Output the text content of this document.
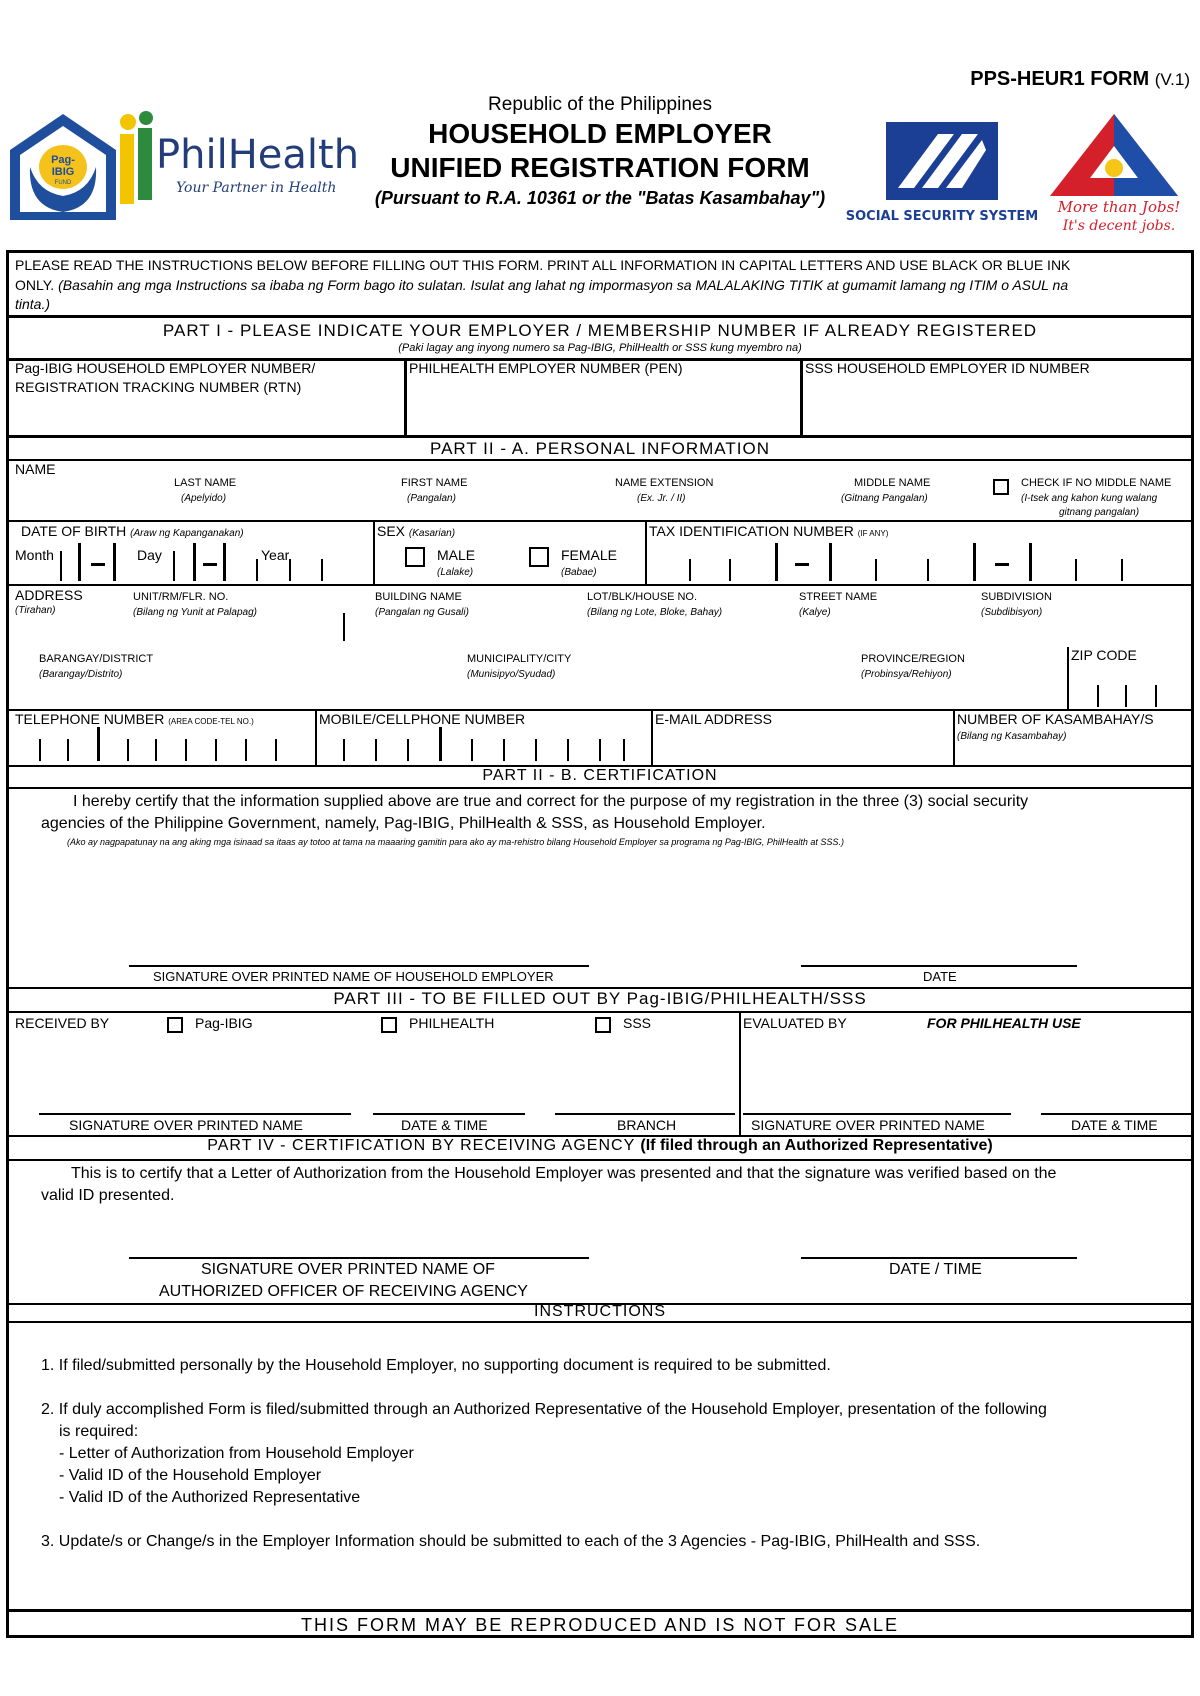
PPS-HEUR1 FORM (V.1)
Pag-
IBIG
FUND
PhilHealth
Your Partner in Health
Republic of the Philippines
HOUSEHOLD EMPLOYER
UNIFIED REGISTRATION FORM
(Pursuant to R.A. 10361 or the "Batas Kasambahay")
SOCIAL SECURITY SYSTEM
More than Jobs!
It's decent jobs.
PLEASE READ THE INSTRUCTIONS BELOW BEFORE FILLING OUT THIS FORM. PRINT ALL INFORMATION IN CAPITAL LETTERS AND USE BLACK OR BLUE INK
ONLY. (Basahin ang mga Instructions sa ibaba ng Form bago ito sulatan. Isulat ang lahat ng impormasyon sa MALALAKING TITIK at gumamit lamang ng ITIM o ASUL na
tinta.)
PART I - PLEASE INDICATE YOUR EMPLOYER / MEMBERSHIP NUMBER IF ALREADY REGISTERED
(Paki lagay ang inyong numero sa Pag-IBIG, PhilHealth or SSS kung myembro na)
Pag-IBIG HOUSEHOLD EMPLOYER NUMBER/
REGISTRATION TRACKING NUMBER (RTN)
PHILHEALTH EMPLOYER NUMBER (PEN)	SSS HOUSEHOLD EMPLOYER ID NUMBER
PART II - A. PERSONAL INFORMATION
NAME
LAST NAME
(Apelyido)
FIRST NAME
(Pangalan)
NAME EXTENSION
(Ex. Jr. / II)
MIDDLE NAME
(Gitnang Pangalan)
CHECK IF NO MIDDLE NAME
(I-tsek ang kahon kung walang
gitnang pangalan)
DATE OF BIRTH (Araw ng Kapanganakan)
Month	Day	Year
SEX (Kasarian)
MALE
(Lalake)
FEMALE
(Babae)
TAX IDENTIFICATION NUMBER (IF ANY)
ADDRESS
(Tirahan)
UNIT/RM/FLR. NO.
(Bilang ng Yunit at Palapag)
BUILDING NAME
(Pangalan ng Gusali)
LOT/BLK/HOUSE NO.
(Bilang ng Lote, Bloke, Bahay)
STREET NAME
(Kalye)
SUBDIVISION
(Subdibisyon)
BARANGAY/DISTRICT
(Barangay/Distrito)
MUNICIPALITY/CITY
(Munisipyo/Syudad)
PROVINCE/REGION
(Probinsya/Rehiyon)
ZIP CODE
TELEPHONE NUMBER (AREA CODE-TEL NO.)	MOBILE/CELLPHONE NUMBER	E-MAIL ADDRESS	NUMBER OF KASAMBAHAY/S
(Bilang ng Kasambahay)
PART II - B. CERTIFICATION
I hereby certify that the information supplied above are true and correct for the purpose of my registration in the three (3) social security
agencies of the Philippine Government, namely, Pag-IBIG, PhilHealth & SSS, as Household Employer.
(Ako ay nagpapatunay na ang aking mga isinaad sa itaas ay totoo at tama na maaaring gamitin para ako ay ma-rehistro bilang Household Employer sa programa ng Pag-IBIG, PhilHealth at SSS.)
SIGNATURE OVER PRINTED NAME OF HOUSEHOLD EMPLOYER	DATE
PART III - TO BE FILLED OUT BY Pag-IBIG/PHILHEALTH/SSS
RECEIVED BY	Pag-IBIG	PHILHEALTH	SSS	EVALUATED BY	FOR PHILHEALTH USE
SIGNATURE OVER PRINTED NAME	DATE & TIME	BRANCH	SIGNATURE OVER PRINTED NAME	DATE & TIME
PART IV - CERTIFICATION BY RECEIVING AGENCY (If filed through an Authorized Representative)
This is to certify that a Letter of Authorization from the Household Employer was presented and that the signature was verified based on the
valid ID presented.
SIGNATURE OVER PRINTED NAME OF
AUTHORIZED OFFICER OF RECEIVING AGENCY
DATE / TIME
INSTRUCTIONS
1. If filed/submitted personally by the Household Employer, no supporting document is required to be submitted.
2. If duly accomplished Form is filed/submitted through an Authorized Representative of the Household Employer, presentation of the following
is required:
- Letter of Authorization from Household Employer
- Valid ID of the Household Employer
- Valid ID of the Authorized Representative
3. Update/s or Change/s in the Employer Information should be submitted to each of the 3 Agencies - Pag-IBIG, PhilHealth and SSS.
THIS FORM MAY BE REPRODUCED AND IS NOT FOR SALE
